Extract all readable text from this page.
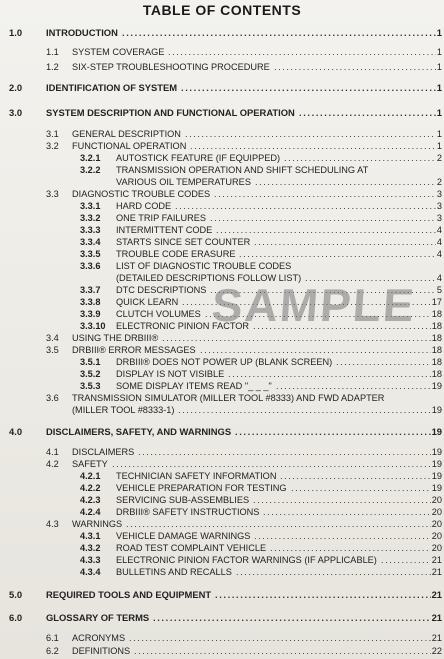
TABLE OF CONTENTS
1.0	INTRODUCTION	1
. . .
1.1 SYSTEM COVERAGE	1
. . .
1.2 SIX-STEP TROUBLESHOOTING PROCEDURE	1
. . .
2.0	IDENTIFICATION OF SYSTEM	1
. . .
3.0	SYSTEM DESCRIPTION AND FUNCTIONAL OPERATION	1
. . .
3.1 GENERAL DESCRIPTION	1
. . .
3.2 FUNCTIONAL OPERATION	1
. . .
3.2.1 AUTOSTICK FEATURE (IF EQUIPPED)	2
. . .
3.2.2 TRANSMISSION OPERATION AND SHIFT SCHEDULING AT
VARIOUS OIL TEMPERATURES	2
. . .
3.3 DIAGNOSTIC TROUBLE CODES	3
. . .
3.3.1 HARD CODE	3
. . .
3.3.2 ONE TRIP FAILURES	3
. . .
3.3.3 INTERMITTENT CODE	4
. . .
3.3.4 STARTS SINCE SET COUNTER	4
. . .
3.3.5 TROUBLE CODE ERASURE	4
. . .
3.3.6 LIST OF DIAGNOSTIC TROUBLE CODES
(DETAILED DESCRIPTIONS FOLLOW LIST)	4
. . .
3.3.7 DTC DESCRIPTIONS	5
. . .
3.3.8 QUICK LEARN	17
. . .
3.3.9 CLUTCH VOLUMES	18
. . .
3.3.10 ELECTRONIC PINION FACTOR	18
. . .
3.4 USING THE DRBIII®	18
. . .
3.5 DRBIII® ERROR MESSAGES	18
. . .
3.5.1 DRBIII® DOES NOT POWER UP (BLANK SCREEN)	18
. . .
3.5.2 DISPLAY IS NOT VISIBLE	18
. . .
3.5.3 SOME DISPLAY ITEMS READ "_ _ _"	19
. . .
3.6 TRANSMISSION SIMULATOR (MILLER TOOL #8333) AND FWD ADAPTER
(MILLER TOOL #8333-1)	19
. . .
4.0	DISCLAIMERS, SAFETY, AND WARNINGS	19
. . .
4.1 DISCLAIMERS	19
. . .
4.2 SAFETY	19
. . .
4.2.1 TECHNICIAN SAFETY INFORMATION	19
. . .
4.2.2 VEHICLE PREPARATION FOR TESTING	19
. . .
4.2.3 SERVICING SUB-ASSEMBLIES	20
. . .
4.2.4 DRBIII® SAFETY INSTRUCTIONS	20
. . .
4.3 WARNINGS	20
. . .
4.3.1 VEHICLE DAMAGE WARNINGS	20
. . .
4.3.2 ROAD TEST COMPLAINT VEHICLE	20
. . .
4.3.3 ELECTRONIC PINION FACTOR WARNINGS (IF APPLICABLE)	21
. . .
4.3.4 BULLETINS AND RECALLS	21
. . .
5.0	REQUIRED TOOLS AND EQUIPMENT	21
. . .
6.0	GLOSSARY OF TERMS	21
. . .
6.1 ACRONYMS	21
. . .
6.2 DEFINITIONS	22
. . .
SAMPLE
